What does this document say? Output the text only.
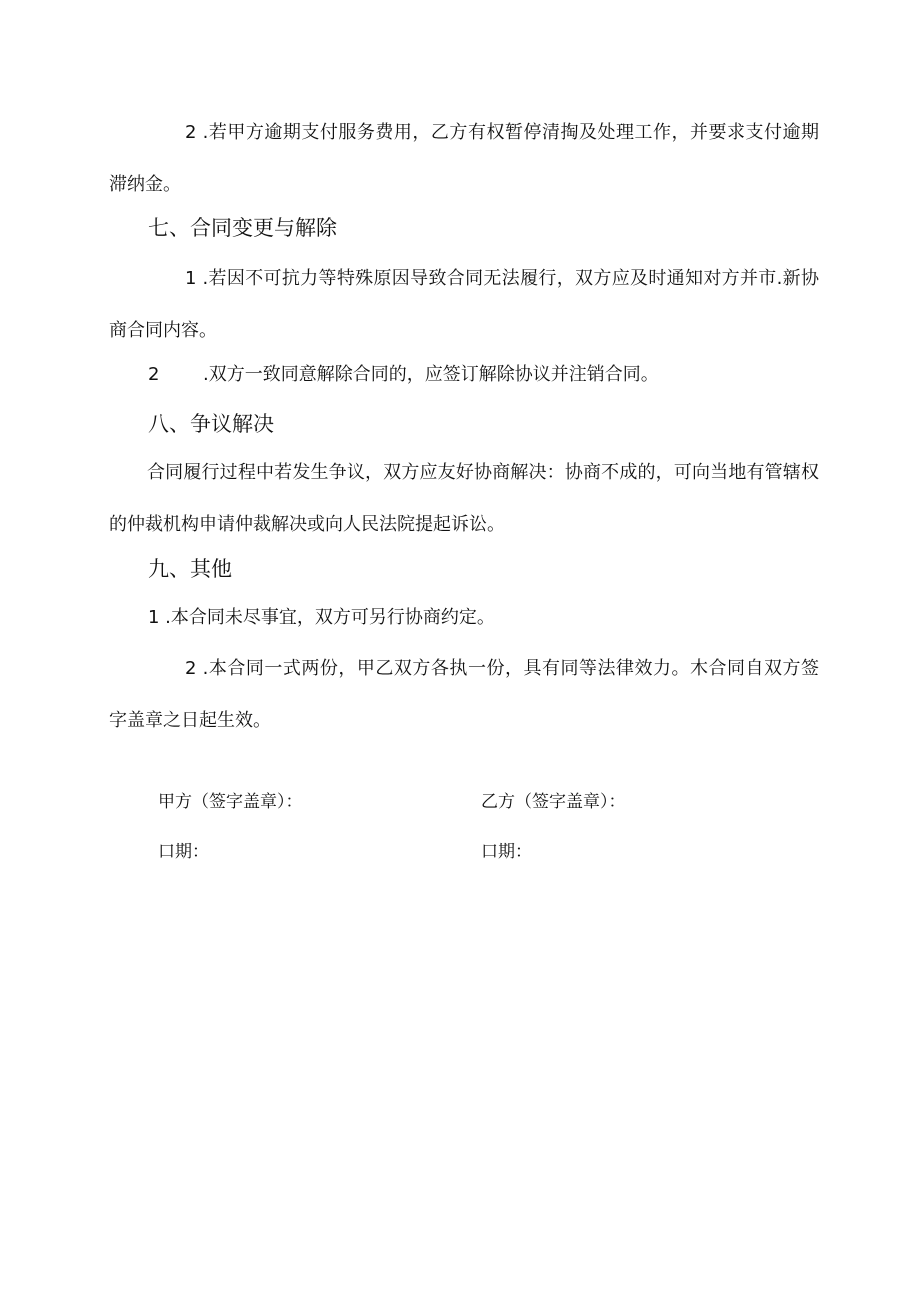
2 .若甲方逾期支付服务费用，乙方有权暂停清掏及处理工作，并要求支付逾期滞纳金。
七、合同变更与解除
1 .若因不可抗力等特殊原因导致合同无法履行，双方应及时通知对方并市.新协商合同内容。
2 .双方一致同意解除合同的，应签订解除协议并注销合同。
八、争议解决
合同履行过程中若发生争议，双方应友好协商解决：协商不成的，可向当地有管辖权的仲裁机构申请仲裁解决或向人民法院提起诉讼。
九、其他
1 .本合同未尽事宜，双方可另行协商约定。
2 .本合同一式两份，甲乙双方各执一份，具有同等法律效力。木合同自双方签字盖章之日起生效。
甲方（签字盖章）：	乙方（签字盖章）：
口期：	口期：
